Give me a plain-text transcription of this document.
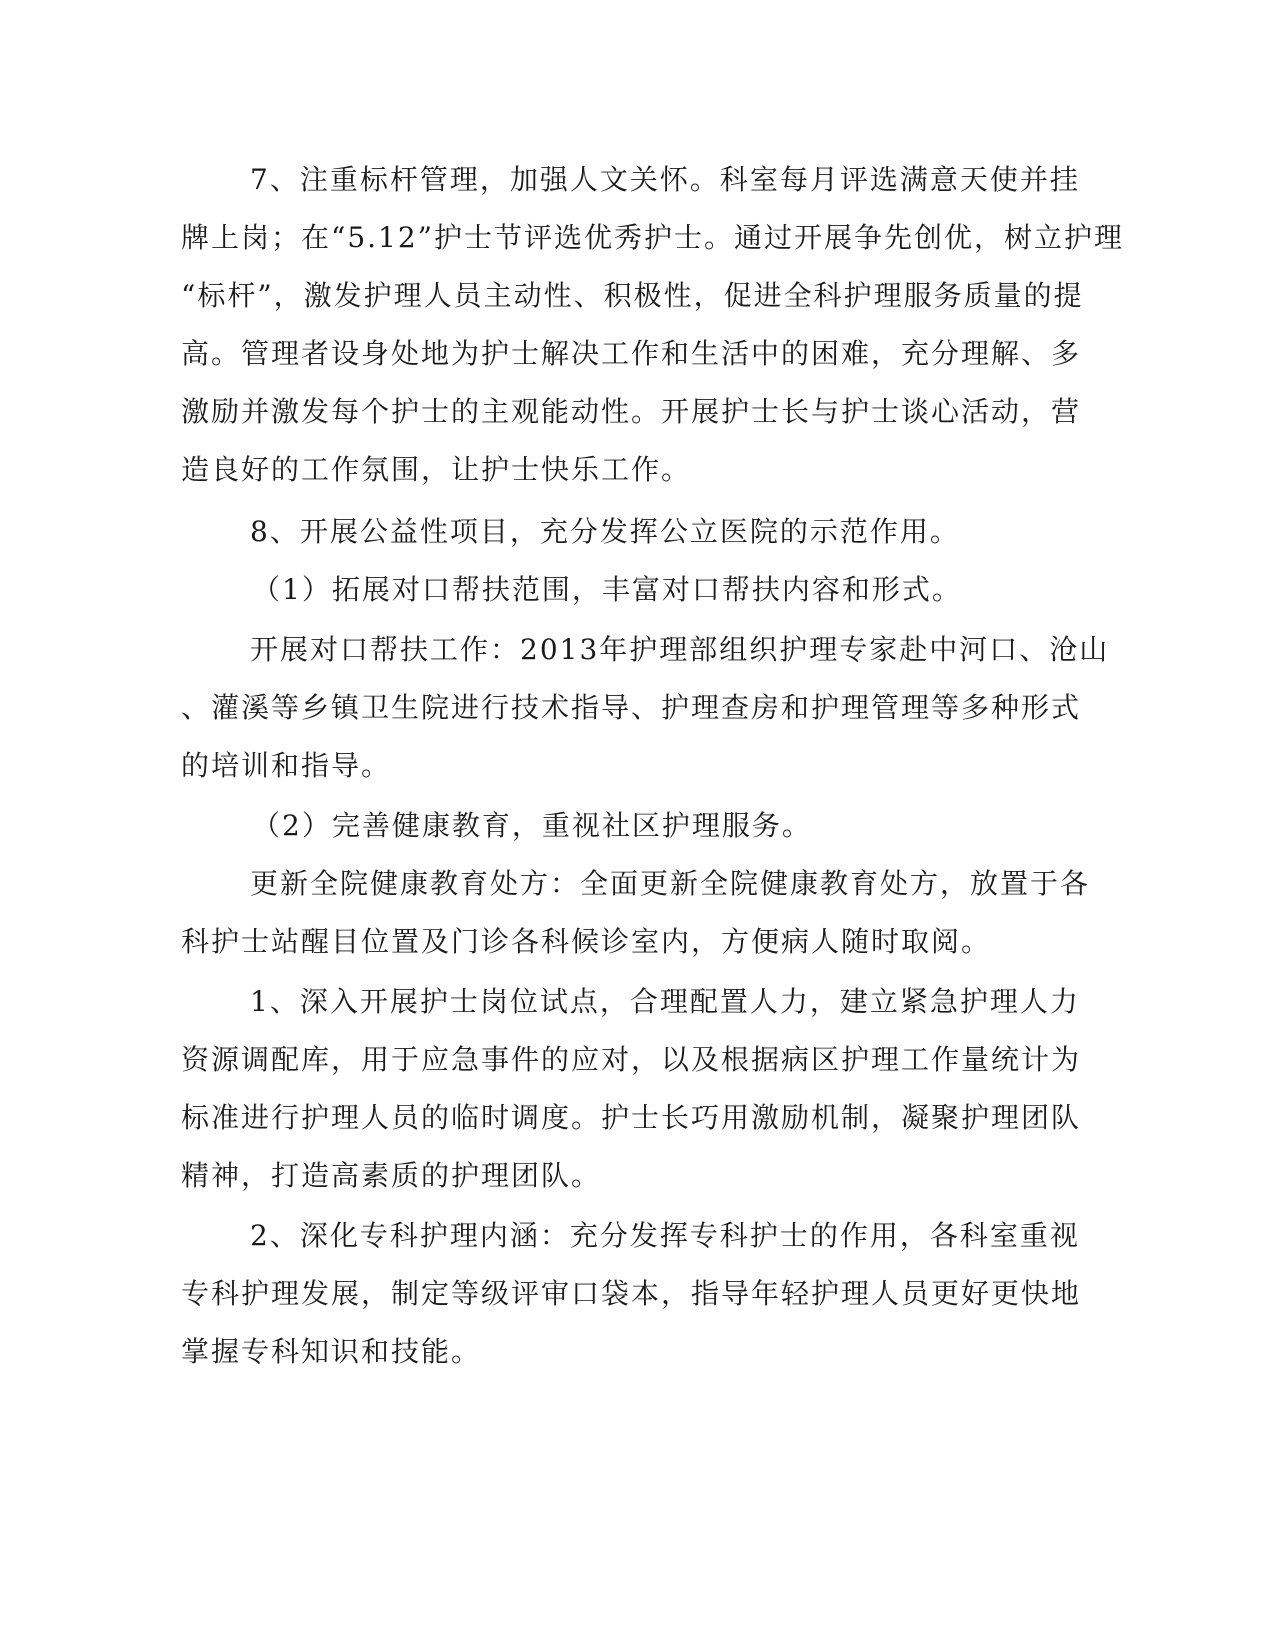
7、注重标杆管理，加强人文关怀。科室每月评选满意天使并挂
牌上岗；在“5.12”护士节评选优秀护士。通过开展争先创优，树立护理
“标杆”，激发护理人员主动性、积极性，促进全科护理服务质量的提
高。管理者设身处地为护士解决工作和生活中的困难，充分理解、多
激励并激发每个护士的主观能动性。开展护士长与护士谈心活动，营
造良好的工作氛围，让护士快乐工作。
8、开展公益性项目，充分发挥公立医院的示范作用。
（1）拓展对口帮扶范围，丰富对口帮扶内容和形式。
开展对口帮扶工作：2013年护理部组织护理专家赴中河口、沧山
、灌溪等乡镇卫生院进行技术指导、护理查房和护理管理等多种形式
的培训和指导。
（2）完善健康教育，重视社区护理服务。
更新全院健康教育处方：全面更新全院健康教育处方，放置于各
科护士站醒目位置及门诊各科候诊室内，方便病人随时取阅。
1、深入开展护士岗位试点，合理配置人力，建立紧急护理人力
资源调配库，用于应急事件的应对，以及根据病区护理工作量统计为
标准进行护理人员的临时调度。护士长巧用激励机制，凝聚护理团队
精神，打造高素质的护理团队。
2、深化专科护理内涵：充分发挥专科护士的作用，各科室重视
专科护理发展，制定等级评审口袋本，指导年轻护理人员更好更快地
掌握专科知识和技能。
